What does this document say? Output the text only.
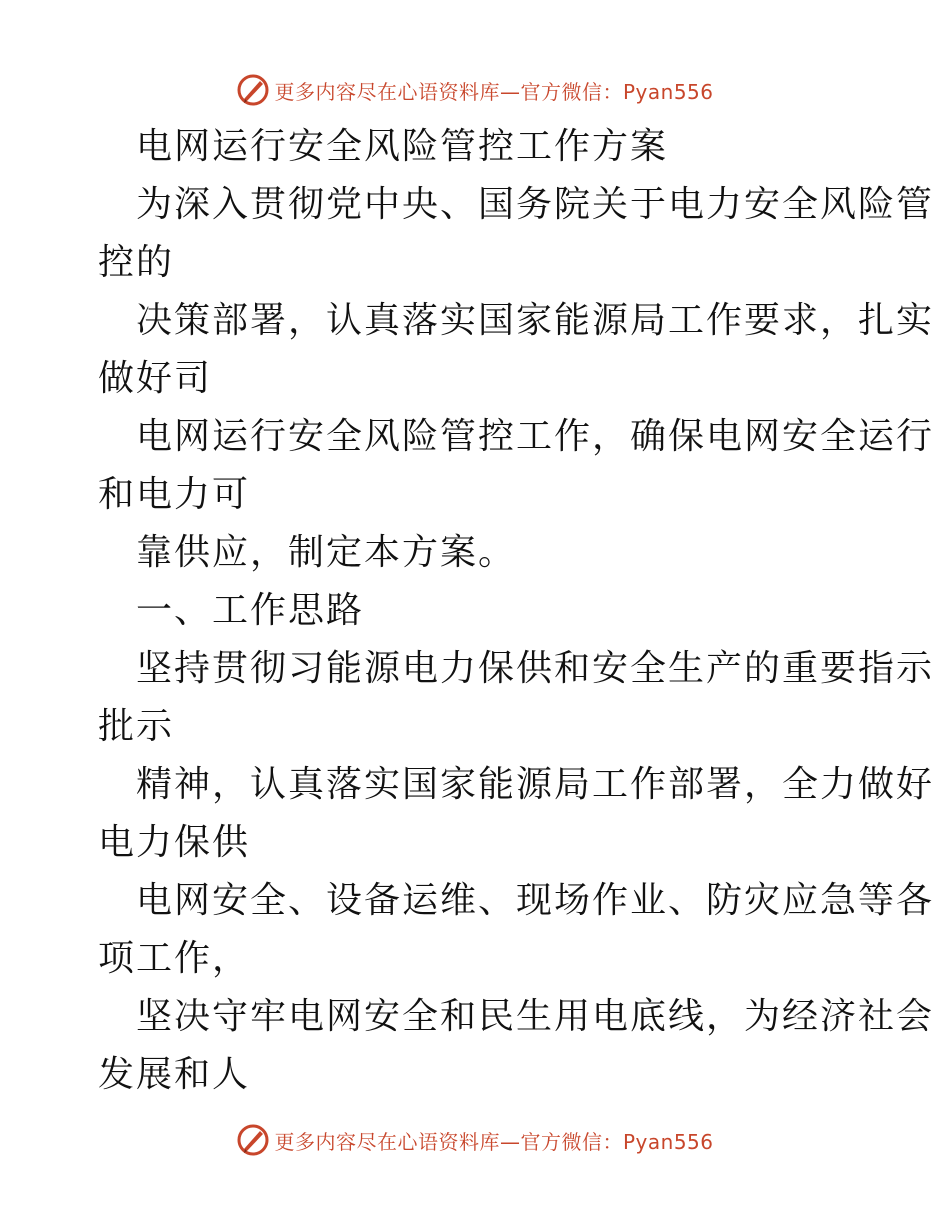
更多内容尽在心语资料库—官方微信：Pyan556
电网运行安全风险管控工作方案
为深入贯彻党中央、国务院关于电力安全风险管
控的
决策部署，认真落实国家能源局工作要求，扎实
做好司
电网运行安全风险管控工作，确保电网安全运行
和电力可
靠供应，制定本方案。
一、工作思路
坚持贯彻习能源电力保供和安全生产的重要指示
批示
精神，认真落实国家能源局工作部署，全力做好
电力保供
电网安全、设备运维、现场作业、防灾应急等各
项工作，
坚决守牢电网安全和民生用电底线，为经济社会
发展和人
更多内容尽在心语资料库—官方微信：Pyan556
